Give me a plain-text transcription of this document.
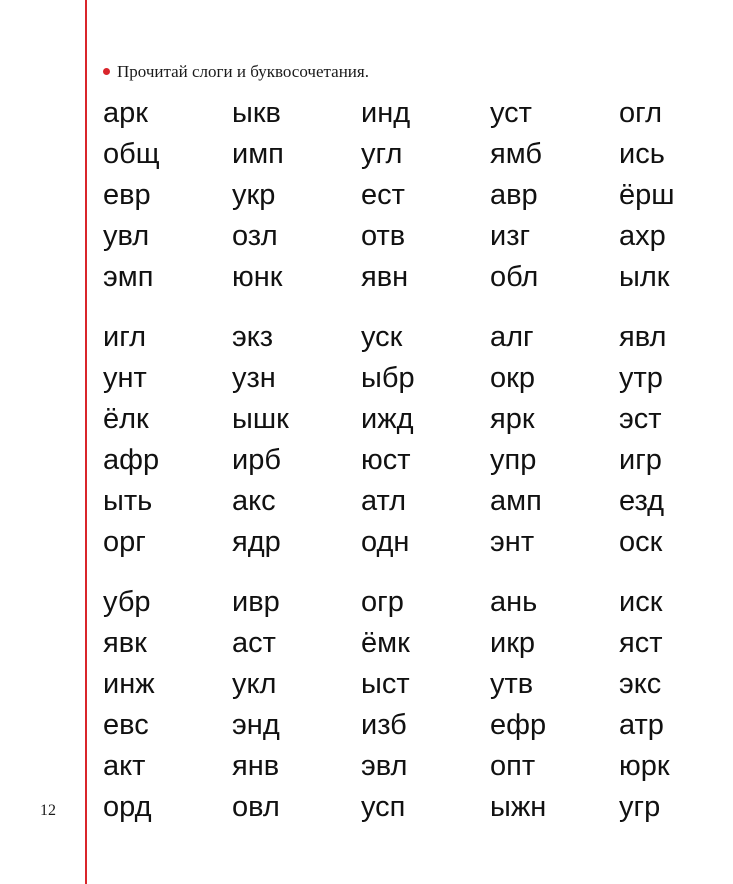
Прочитай слоги и буквосочетания.
арк	ыкв	инд	уст	огл
общ	имп	угл	ямб	ись
евр	укр	ест	авр	ёрш
увл	озл	отв	изг	ахр
эмп	юнк	явн	обл	ылк
игл	экз	уск	алг	явл
унт	узн	ыбр	окр	утр
ёлк	ышк	ижд	ярк	эст
афр	ирб	юст	упр	игр
ыть	акс	атл	амп	езд
орг	ядр	одн	энт	оск
убр	ивр	огр	ань	иск
явк	аст	ёмк	икр	яст
инж	укл	ыст	утв	экс
евс	энд	изб	ефр	атр
акт	янв	эвл	опт	юрк
орд	овл	усп	ыжн	угр
12
